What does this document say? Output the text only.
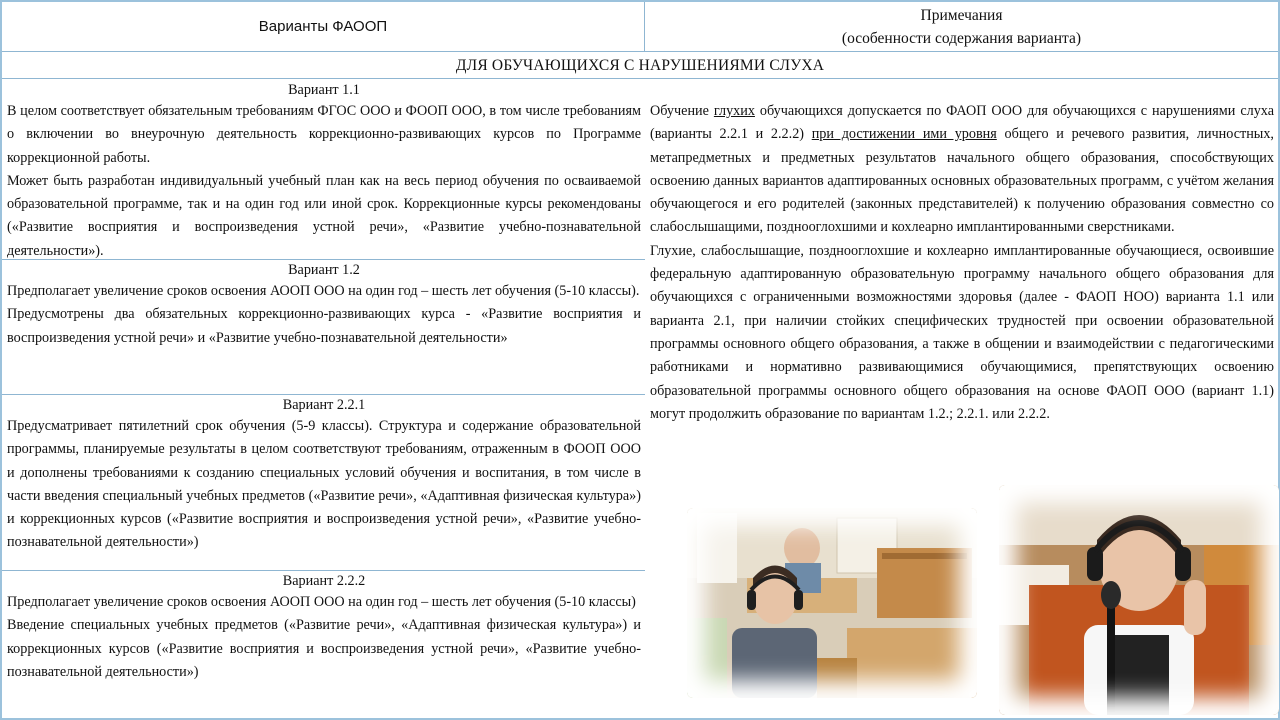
Варианты ФАООП
Примечания
(особенности содержания варианта)
ДЛЯ ОБУЧАЮЩИХСЯ С НАРУШЕНИЯМИ СЛУХА
Вариант 1.1

В целом соответствует обязательным требованиям ФГОС ООО и ФООП ООО, в том числе требованиям о включении во внеурочную деятельность коррекционно-развивающих курсов по Программе коррекционной работы.

Может быть разработан индивидуальный учебный план как на весь период обучения по осваиваемой образовательной программе, так и на один год или иной срок. Коррекционные курсы рекомендованы («Развитие восприятия и воспроизведения устной речи», «Развитие учебно-познавательной деятельности»).

Вариант 1.2

Предполагает увеличение сроков освоения АООП ООО на один год – шесть лет обучения (5-10 классы).

Предусмотрены два обязательных коррекционно-развивающих курса - «Развитие восприятия и воспроизведения устной речи» и «Развитие учебно-познавательной деятельности»

Вариант 2.2.1

Предусматривает пятилетний срок обучения (5-9 классы). Структура и содержание образовательной программы, планируемые результаты в целом соответствуют требованиям, отраженным в ФООП ООО и дополнены требованиями к созданию специальных условий обучения и воспитания, в том числе в части введения специальный учебных предметов («Развитие речи», «Адаптивная физическая культура») и коррекционных курсов («Развитие восприятия и воспроизведения устной речи», «Развитие учебно-познавательной деятельности»)

Вариант 2.2.2

Предполагает увеличение сроков освоения АООП ООО на один год – шесть лет обучения (5-10 классы)

Введение специальных учебных предметов («Развитие речи», «Адаптивная физическая культура») и коррекционных курсов («Развитие восприятия и воспроизведения устной речи», «Развитие учебно-познавательной деятельности»)

Обучение глухих обучающихся допускается по ФАОП ООО для обучающихся с нарушениями слуха (варианты 2.2.1 и 2.2.2) при достижении ими уровня общего и речевого развития, личностных, метапредметных и предметных результатов начального общего образования, способствующих освоению данных вариантов адаптированных основных образовательных программ, с учётом желания обучающегося и его родителей (законных представителей) к получению образования совместно со слабослышащими, позднооглохшими и кохлеарно имплантированными сверстниками.

Глухие, слабослышащие, позднооглохшие и кохлеарно имплантированные обучающиеся, освоившие федеральную адаптированную образовательную программу начального общего образования для обучающихся с ограниченными возможностями здоровья (далее - ФАОП НОО) варианта 1.1 или варианта 2.1, при наличии стойких специфических трудностей при освоении образовательной программы основного общего образования, а также в общении и взаимодействии с педагогическими работниками и нормативно развивающимися обучающимися, препятствующих освоению образовательной программы основного общего образования на основе ФАОП ООО (вариант 1.1) могут продолжить образование по вариантам 1.2.; 2.2.1. или 2.2.2.
